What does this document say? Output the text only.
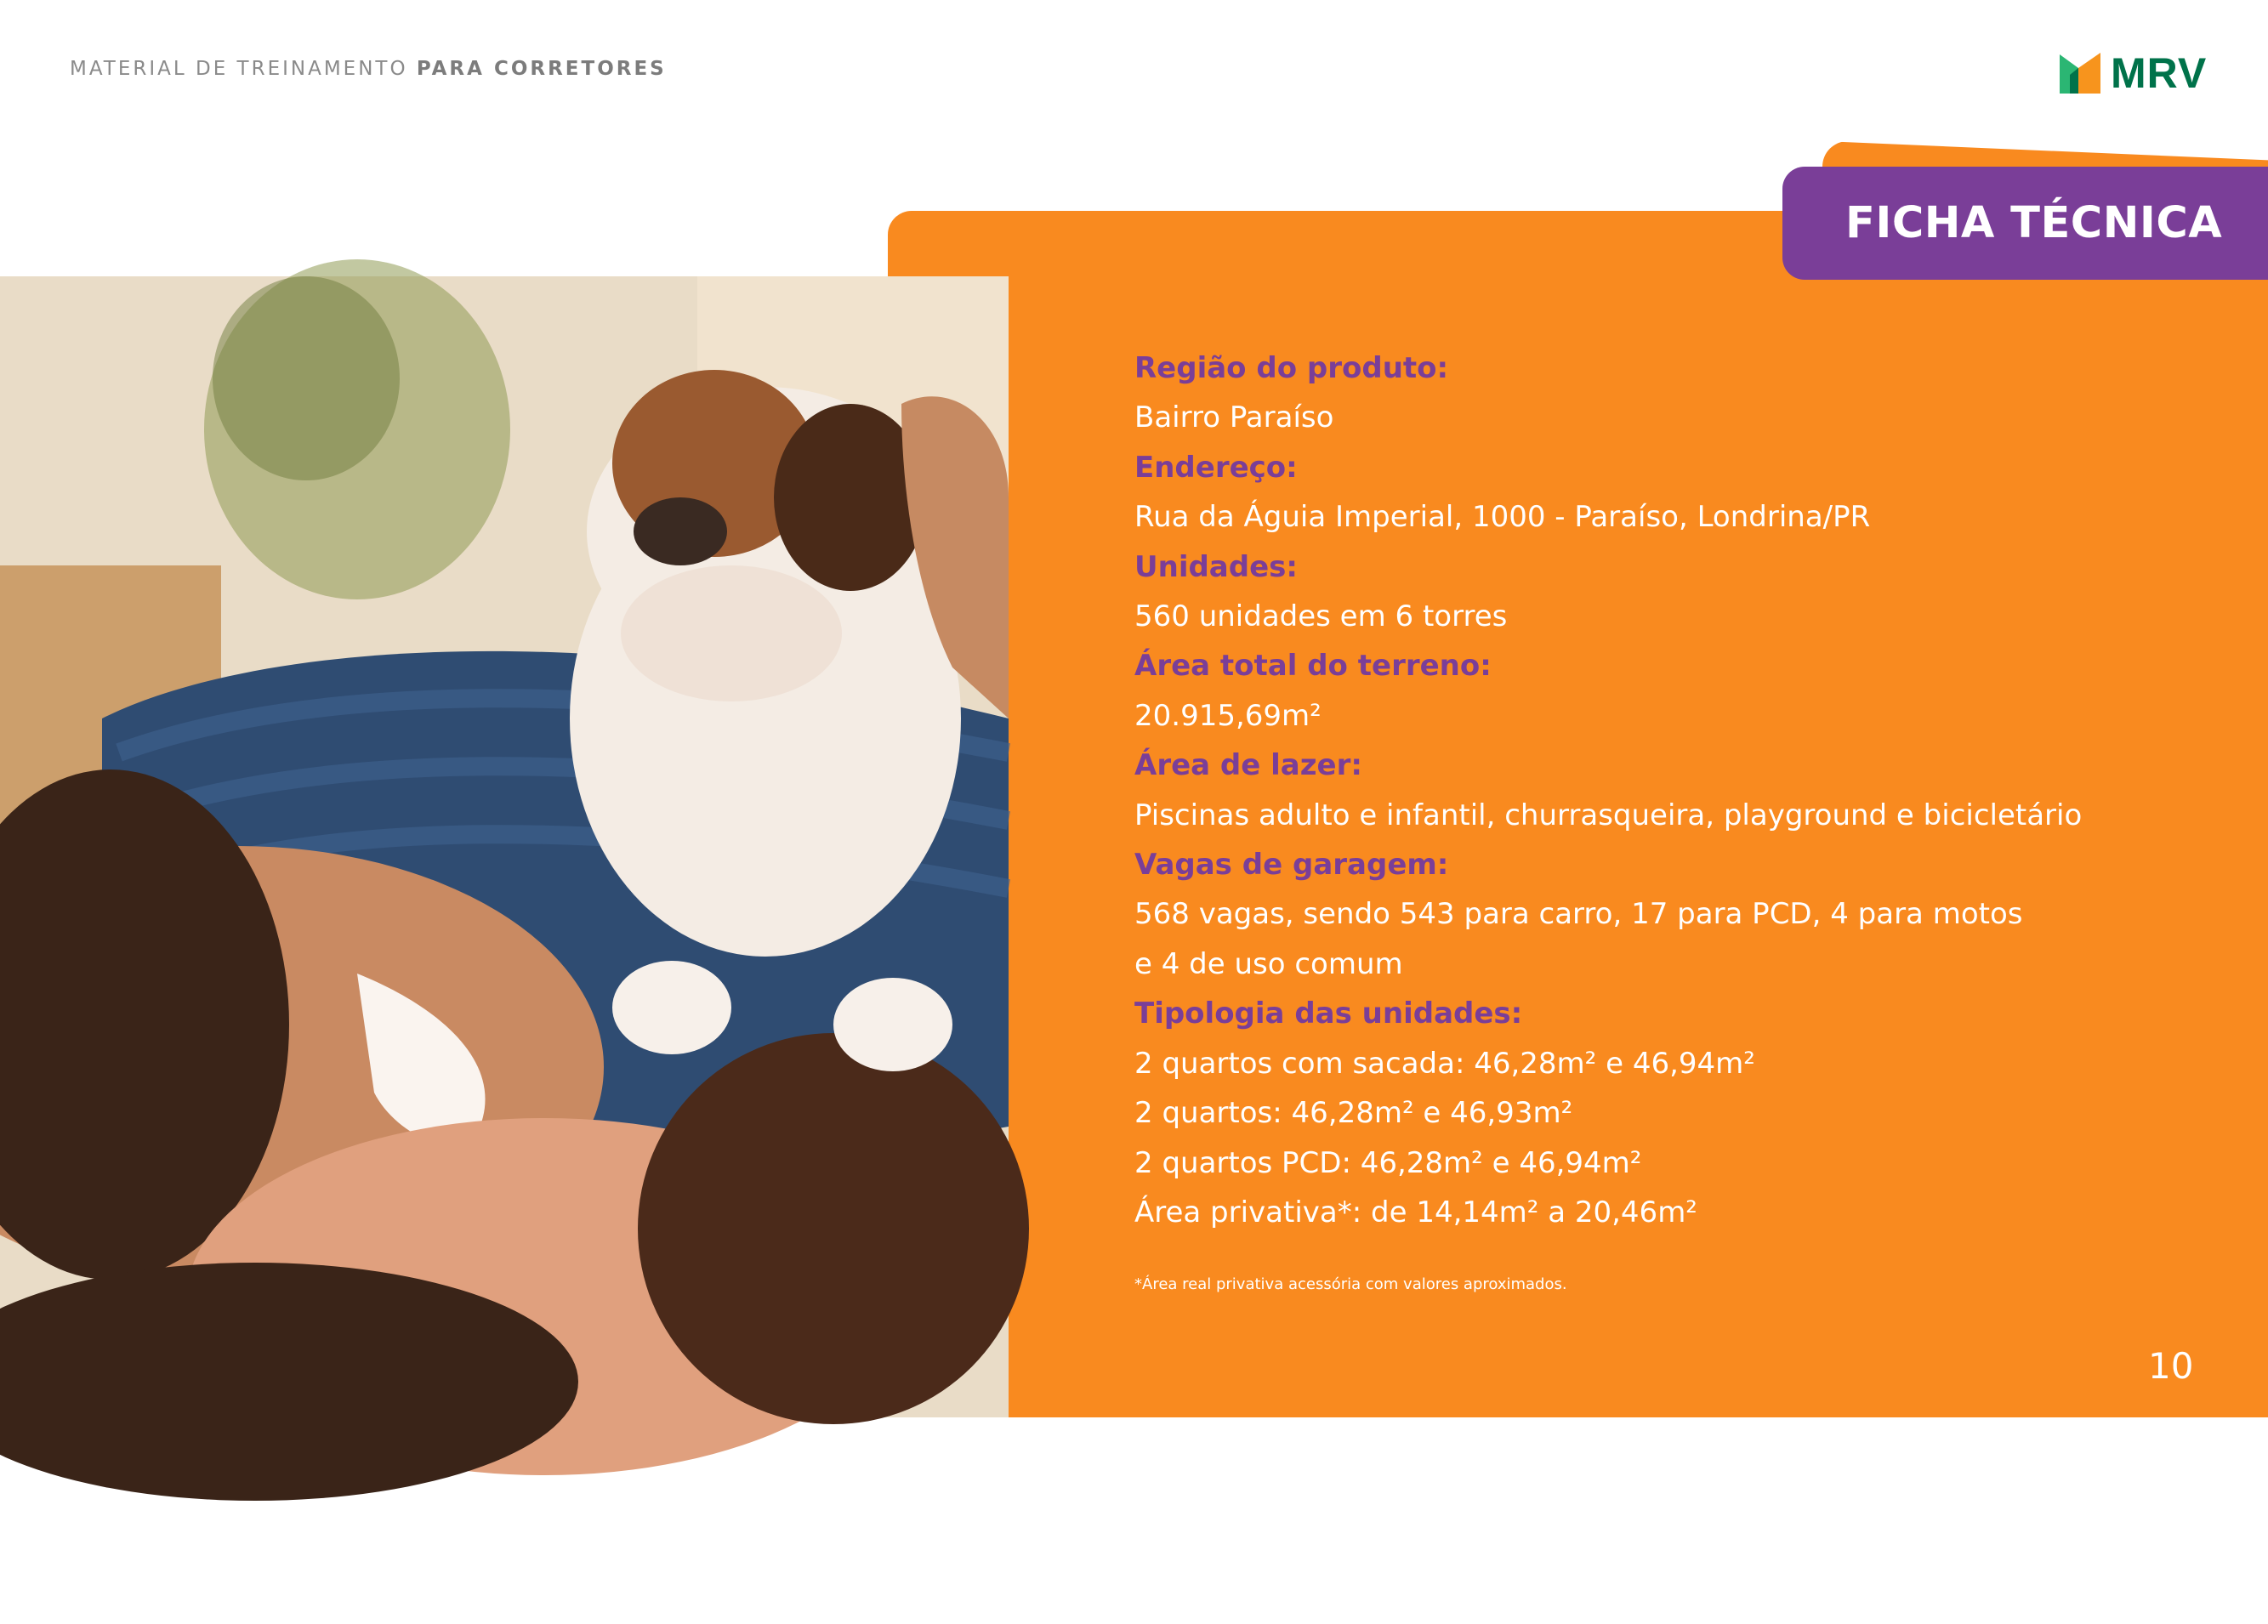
MATERIAL DE TREINAMENTO PARA CORRETORES	MRV
FICHA TÉCNICA
Imagem ilustrativa
Região do produto:
Bairro Paraíso
Endereço:
Rua da Águia Imperial, 1000 - Paraíso, Londrina/PR
Unidades:
560 unidades em 6 torres
Área total do terreno:
20.915,69m²
Área de lazer:
Piscinas adulto e infantil, churrasqueira, playground e bicicletário
Vagas de garagem:
568 vagas, sendo 543 para carro, 17 para PCD, 4 para motos
e 4 de uso comum
Tipologia das unidades:
2 quartos com sacada: 46,28m² e 46,94m²
2 quartos: 46,28m² e 46,93m²
2 quartos PCD: 46,28m² e 46,94m²
Área privativa*: de 14,14m² a 20,46m²
*Área real privativa acessória com valores aproximados.
10
